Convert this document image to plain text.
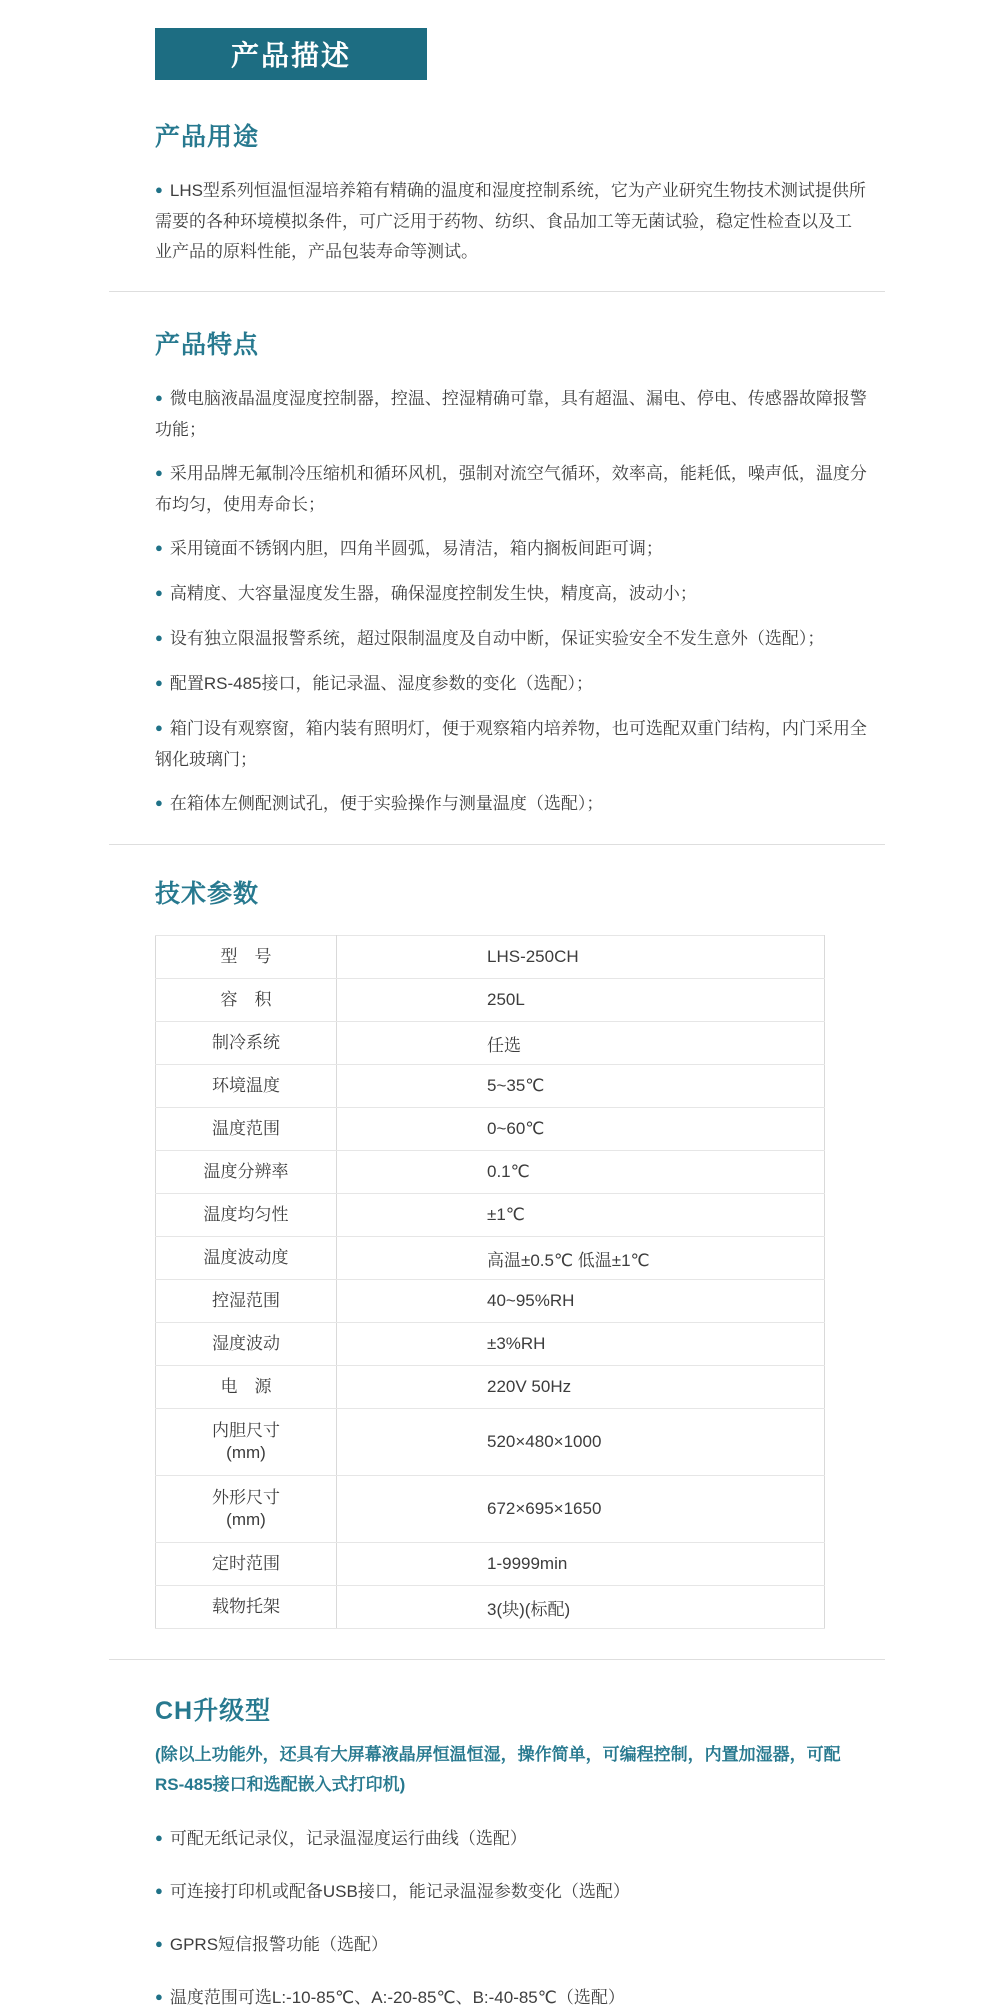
产品描述
产品用途

● LHS型系列恒温恒湿培养箱有精确的温度和湿度控制系统，它为产业研究生物技术测试提供所需要的各种环境模拟条件，可广泛用于药物、纺织、食品加工等无菌试验，稳定性检查以及工业产品的原料性能，产品包装寿命等测试。

产品特点

● 微电脑液晶温度湿度控制器，控温、控湿精确可靠，具有超温、漏电、停电、传感器故障报警功能；

● 采用品牌无氟制冷压缩机和循环风机，强制对流空气循环，效率高，能耗低，噪声低，温度分布均匀，使用寿命长；

● 采用镜面不锈钢内胆，四角半圆弧，易清洁，箱内搁板间距可调；

● 高精度、大容量湿度发生器，确保湿度控制发生快，精度高，波动小；

● 设有独立限温报警系统，超过限制温度及自动中断，保证实验安全不发生意外（选配）；

● 配置RS-485接口，能记录温、湿度参数的变化（选配）；

● 箱门设有观察窗，箱内装有照明灯，便于观察箱内培养物，也可选配双重门结构，内门采用全钢化玻璃门；

● 在箱体左侧配测试孔，便于实验操作与测量温度（选配）；

技术参数
型　号	LHS-250CH
容　积	250L
制冷系统	任选
环境温度	5~35℃
温度范围	0~60℃
温度分辨率	0.1℃
温度均匀性	±1℃
温度波动度	高温±0.5℃ 低温±1℃
控湿范围	40~95%RH
湿度波动	±3%RH
电　源	220V 50Hz
内胆尺寸
(mm)	520×480×1000
外形尺寸
(mm)	672×695×1650
定时范围	1-9999min
载物托架	3(块)(标配)
CH升级型

(除以上功能外，还具有大屏幕液晶屏恒温恒湿，操作简单，可编程控制，内置加湿器，可配RS-485接口和选配嵌入式打印机)

● 可配无纸记录仪，记录温湿度运行曲线（选配）

● 可连接打印机或配备USB接口，能记录温湿参数变化（选配）

● GPRS短信报警功能（选配）

● 温度范围可选L:-10-85℃、A:-20-85℃、B:-40-85℃（选配）
